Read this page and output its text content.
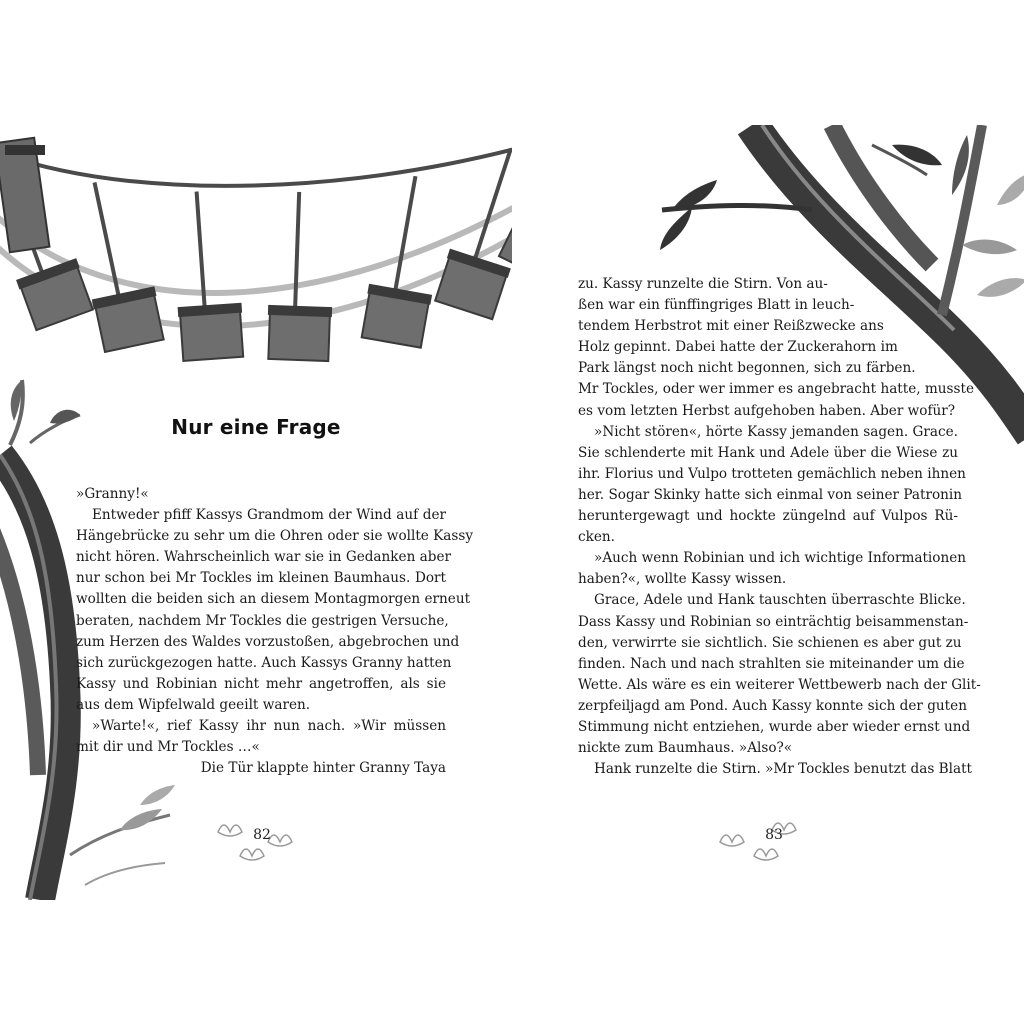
Nur eine Frage
»Granny!«
Entweder pfiff Kassys Grandmom der Wind auf der
Hängebrücke zu sehr um die Ohren oder sie wollte Kassy
nicht hören. Wahrscheinlich war sie in Gedanken aber
nur schon bei Mr Tockles im kleinen Baumhaus. Dort
wollten die beiden sich an diesem Montagmorgen erneut
beraten, nachdem Mr Tockles die gestrigen Versuche,
zum Herzen des Waldes vorzustoßen, abgebrochen und
sich zurückgezogen hatte. Auch Kassys Granny hatten
Kassy und Robinian nicht mehr angetroffen, als sie
aus dem Wipfelwald geeilt waren.
»Warte!«, rief Kassy ihr nun nach. »Wir müssen
mit dir und Mr Tockles …«
Die Tür klappte hinter Granny Taya
82
zu. Kassy runzelte die Stirn. Von au-
ßen war ein fünffingriges Blatt in leuch-
tendem Herbstrot mit einer Reißzwecke ans
Holz gepinnt. Dabei hatte der Zuckerahorn im
Park längst noch nicht begonnen, sich zu färben.
Mr Tockles, oder wer immer es angebracht hatte, musste
es vom letzten Herbst aufgehoben haben. Aber wofür?
»Nicht stören«, hörte Kassy jemanden sagen. Grace.
Sie schlenderte mit Hank und Adele über die Wiese zu
ihr. Florius und Vulpo trotteten gemächlich neben ihnen
her. Sogar Skinky hatte sich einmal von seiner Patronin
heruntergewagt und hockte züngelnd auf Vulpos Rü-
cken.
»Auch wenn Robinian und ich wichtige Informationen
haben?«, wollte Kassy wissen.
Grace, Adele und Hank tauschten überraschte Blicke.
Dass Kassy und Robinian so einträchtig beisammenstan-
den, verwirrte sie sichtlich. Sie schienen es aber gut zu
finden. Nach und nach strahlten sie miteinander um die
Wette. Als wäre es ein weiterer Wettbewerb nach der Glit-
zerpfeiljagd am Pond. Auch Kassy konnte sich der guten
Stimmung nicht entziehen, wurde aber wieder ernst und
nickte zum Baumhaus. »Also?«
Hank runzelte die Stirn. »Mr Tockles benutzt das Blatt
83
